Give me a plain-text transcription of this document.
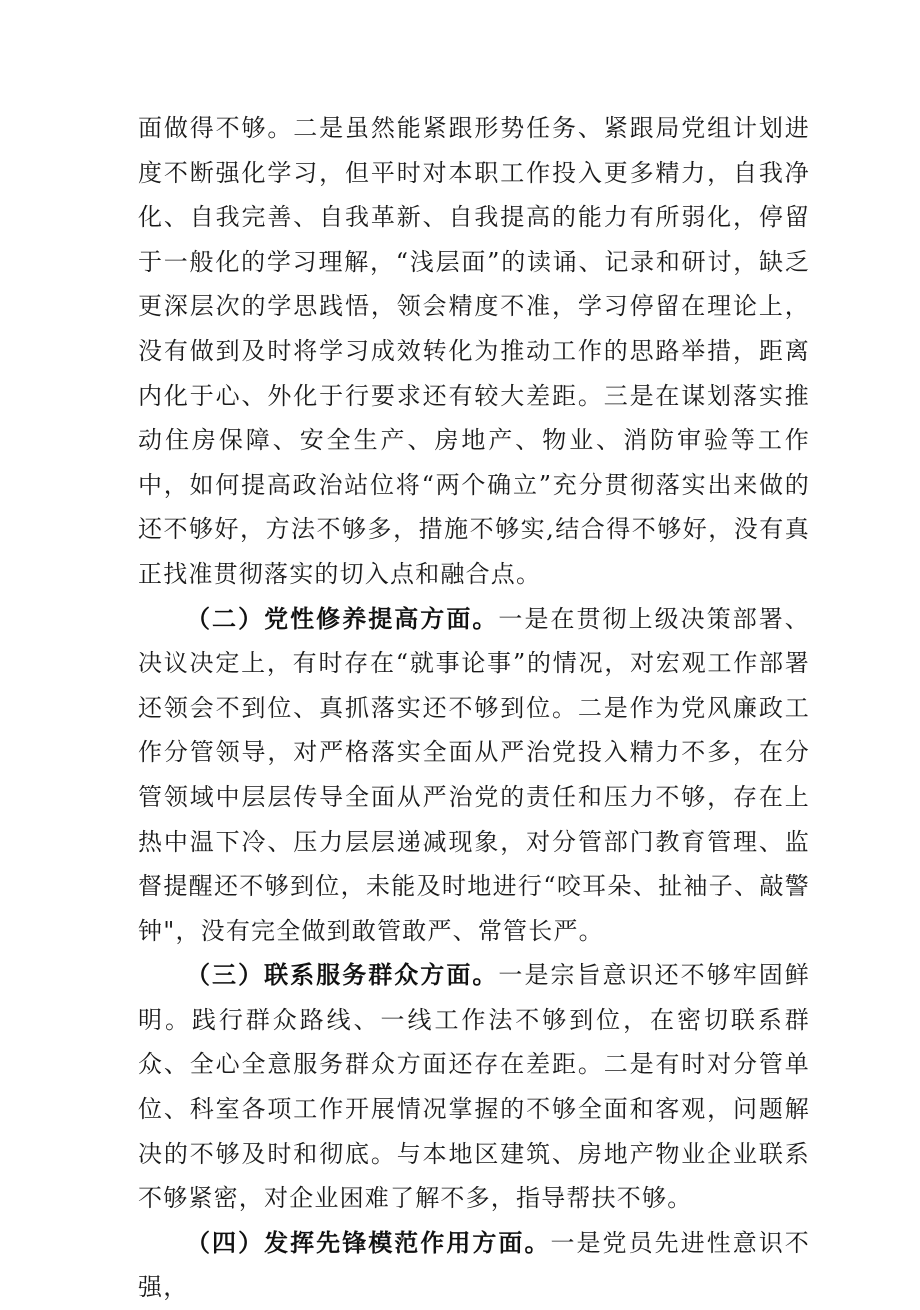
面做得不够。二是虽然能紧跟形势任务、紧跟局党组计划进度不断强化学习，但平时对本职工作投入更多精力，自我净化、自我完善、自我革新、自我提高的能力有所弱化，停留于一般化的学习理解，“浅层面”的读诵、记录和研讨，缺乏更深层次的学思践悟，领会精度不准，学习停留在理论上，没有做到及时将学习成效转化为推动工作的思路举措，距离内化于心、外化于行要求还有较大差距。三是在谋划落实推动住房保障、安全生产、房地产、物业、消防审验等工作中，如何提高政治站位将“两个确立”充分贯彻落实出来做的还不够好，方法不够多，措施不够实,结合得不够好，没有真正找准贯彻落实的切入点和融合点。

（二）党性修养提高方面。一是在贯彻上级决策部署、决议决定上，有时存在“就事论事”的情况，对宏观工作部署还领会不到位、真抓落实还不够到位。二是作为党风廉政工作分管领导，对严格落实全面从严治党投入精力不多，在分管领域中层层传导全面从严治党的责任和压力不够，存在上热中温下冷、压力层层递减现象，对分管部门教育管理、监督提醒还不够到位，未能及时地进行“咬耳朵、扯袖子、敲警钟"，没有完全做到敢管敢严、常管长严。

（三）联系服务群众方面。一是宗旨意识还不够牢固鲜明。践行群众路线、一线工作法不够到位，在密切联系群众、全心全意服务群众方面还存在差距。二是有时对分管单位、科室各项工作开展情况掌握的不够全面和客观，问题解决的不够及时和彻底。与本地区建筑、房地产物业企业联系不够紧密，对企业困难了解不多，指导帮扶不够。

（四）发挥先锋模范作用方面。一是党员先进性意识不强，
